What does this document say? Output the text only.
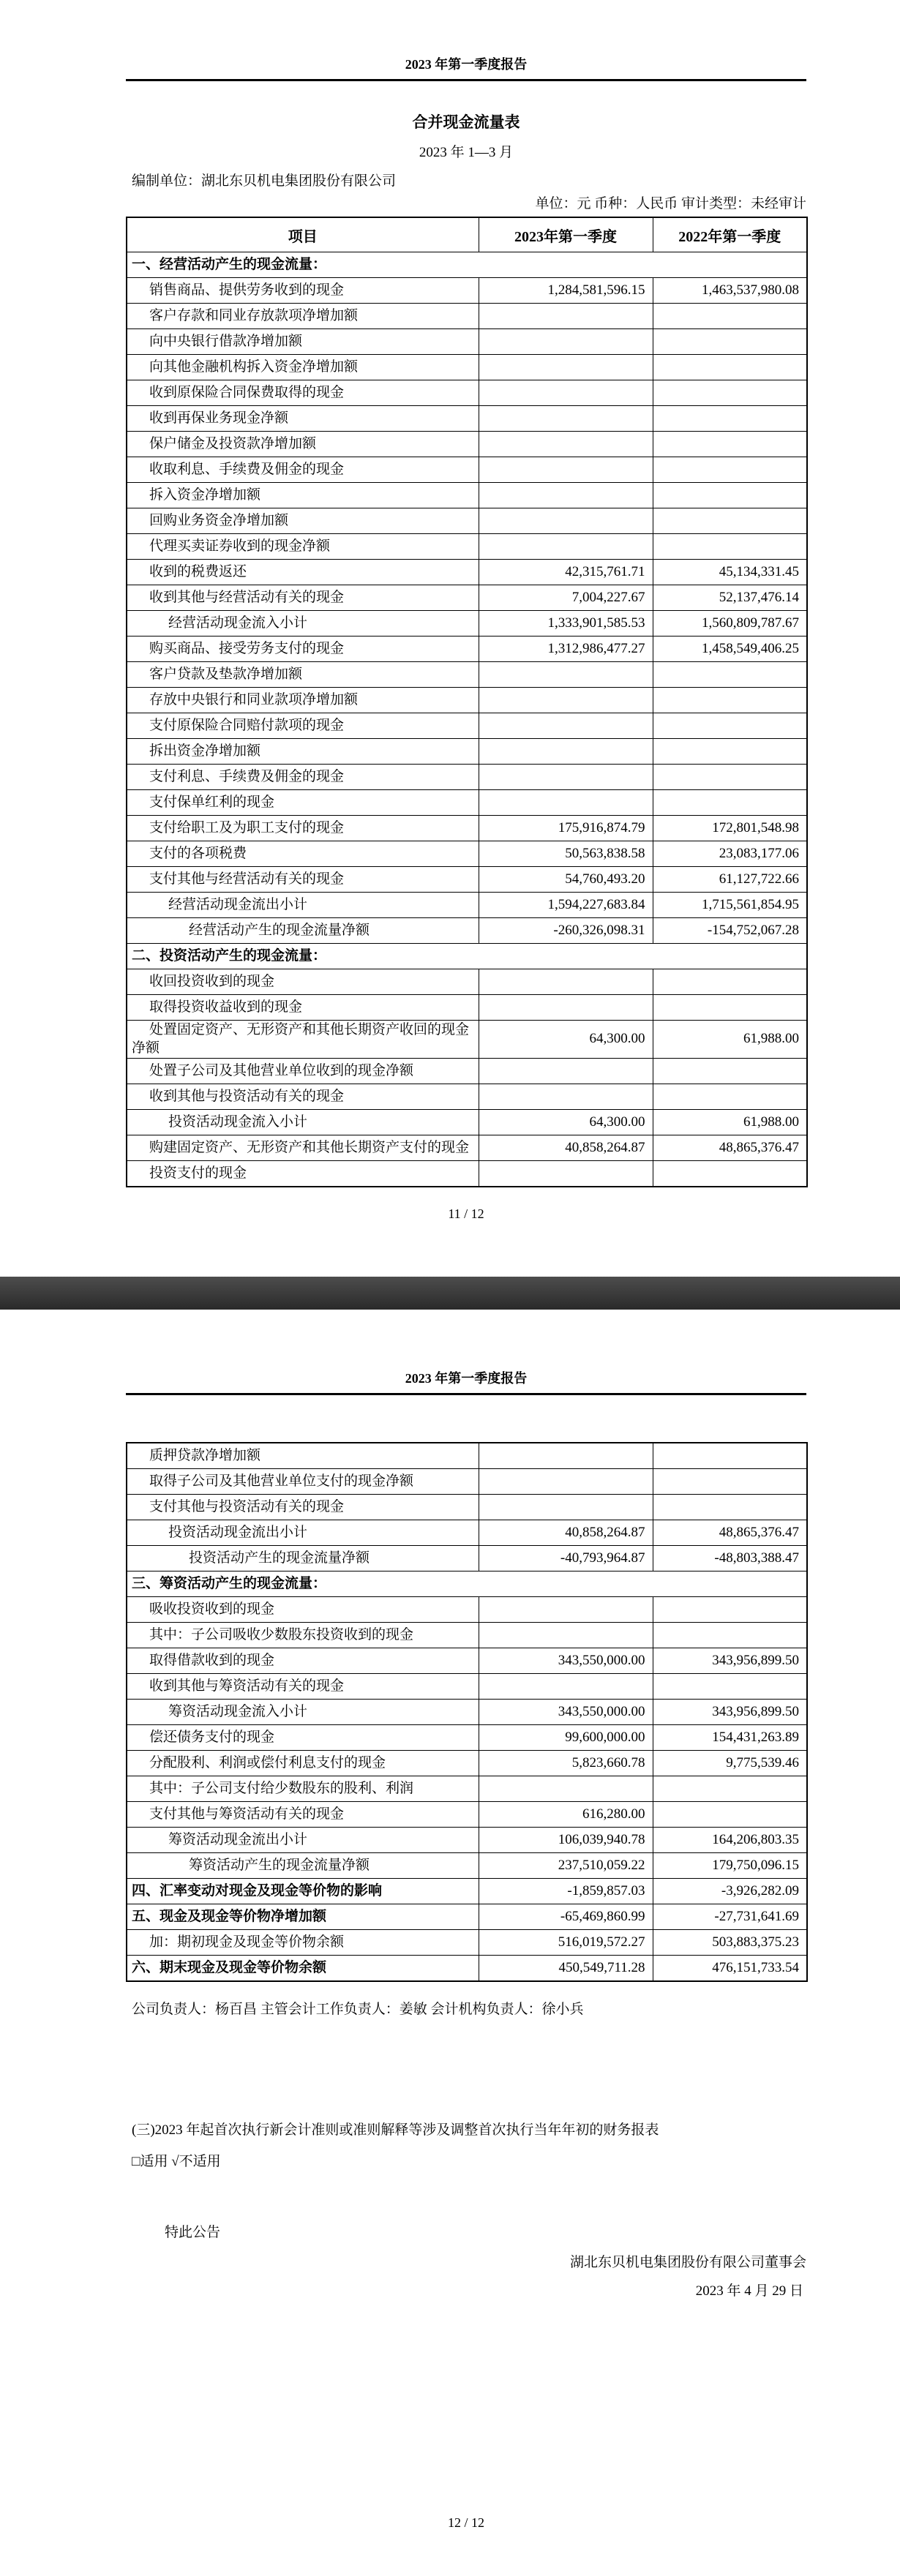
2023 年第一季度报告
合并现金流量表
2023 年 1—3 月
编制单位：湖北东贝机电集团股份有限公司
单位：元 币种：人民币 审计类型：未经审计
项目	2023年第一季度	2022年第一季度
一、经营活动产生的现金流量：		
销售商品、提供劳务收到的现金	1,284,581,596.15	1,463,537,980.08
客户存款和同业存放款项净增加额		
向中央银行借款净增加额		
向其他金融机构拆入资金净增加额		
收到原保险合同保费取得的现金		
收到再保业务现金净额		
保户储金及投资款净增加额		
收取利息、手续费及佣金的现金		
拆入资金净增加额		
回购业务资金净增加额		
代理买卖证券收到的现金净额		
收到的税费返还	42,315,761.71	45,134,331.45
收到其他与经营活动有关的现金	7,004,227.67	52,137,476.14
经营活动现金流入小计	1,333,901,585.53	1,560,809,787.67
购买商品、接受劳务支付的现金	1,312,986,477.27	1,458,549,406.25
客户贷款及垫款净增加额		
存放中央银行和同业款项净增加额		
支付原保险合同赔付款项的现金		
拆出资金净增加额		
支付利息、手续费及佣金的现金		
支付保单红利的现金		
支付给职工及为职工支付的现金	175,916,874.79	172,801,548.98
支付的各项税费	50,563,838.58	23,083,177.06
支付其他与经营活动有关的现金	54,760,493.20	61,127,722.66
经营活动现金流出小计	1,594,227,683.84	1,715,561,854.95
经营活动产生的现金流量净额	-260,326,098.31	-154,752,067.28
二、投资活动产生的现金流量：		
收回投资收到的现金		
取得投资收益收到的现金		
处置固定资产、无形资产和其他长期资产收回的现金净额	64,300.00	61,988.00
处置子公司及其他营业单位收到的现金净额		
收到其他与投资活动有关的现金		
投资活动现金流入小计	64,300.00	61,988.00
购建固定资产、无形资产和其他长期资产支付的现金	40,858,264.87	48,865,376.47
投资支付的现金		
11 / 12
2023 年第一季度报告
质押贷款净增加额		
取得子公司及其他营业单位支付的现金净额		
支付其他与投资活动有关的现金		
投资活动现金流出小计	40,858,264.87	48,865,376.47
投资活动产生的现金流量净额	-40,793,964.87	-48,803,388.47
三、筹资活动产生的现金流量：		
吸收投资收到的现金		
其中：子公司吸收少数股东投资收到的现金		
取得借款收到的现金	343,550,000.00	343,956,899.50
收到其他与筹资活动有关的现金		
筹资活动现金流入小计	343,550,000.00	343,956,899.50
偿还债务支付的现金	99,600,000.00	154,431,263.89
分配股利、利润或偿付利息支付的现金	5,823,660.78	9,775,539.46
其中：子公司支付给少数股东的股利、利润		
支付其他与筹资活动有关的现金	616,280.00	
筹资活动现金流出小计	106,039,940.78	164,206,803.35
筹资活动产生的现金流量净额	237,510,059.22	179,750,096.15
四、汇率变动对现金及现金等价物的影响	-1,859,857.03	-3,926,282.09
五、现金及现金等价物净增加额	-65,469,860.99	-27,731,641.69
加：期初现金及现金等价物余额	516,019,572.27	503,883,375.23
六、期末现金及现金等价物余额	450,549,711.28	476,151,733.54
公司负责人：杨百昌 主管会计工作负责人：姜敏 会计机构负责人：徐小兵
(三)2023 年起首次执行新会计准则或准则解释等涉及调整首次执行当年年初的财务报表
□适用 √不适用
特此公告
湖北东贝机电集团股份有限公司董事会
2023 年 4 月 29 日
12 / 12
